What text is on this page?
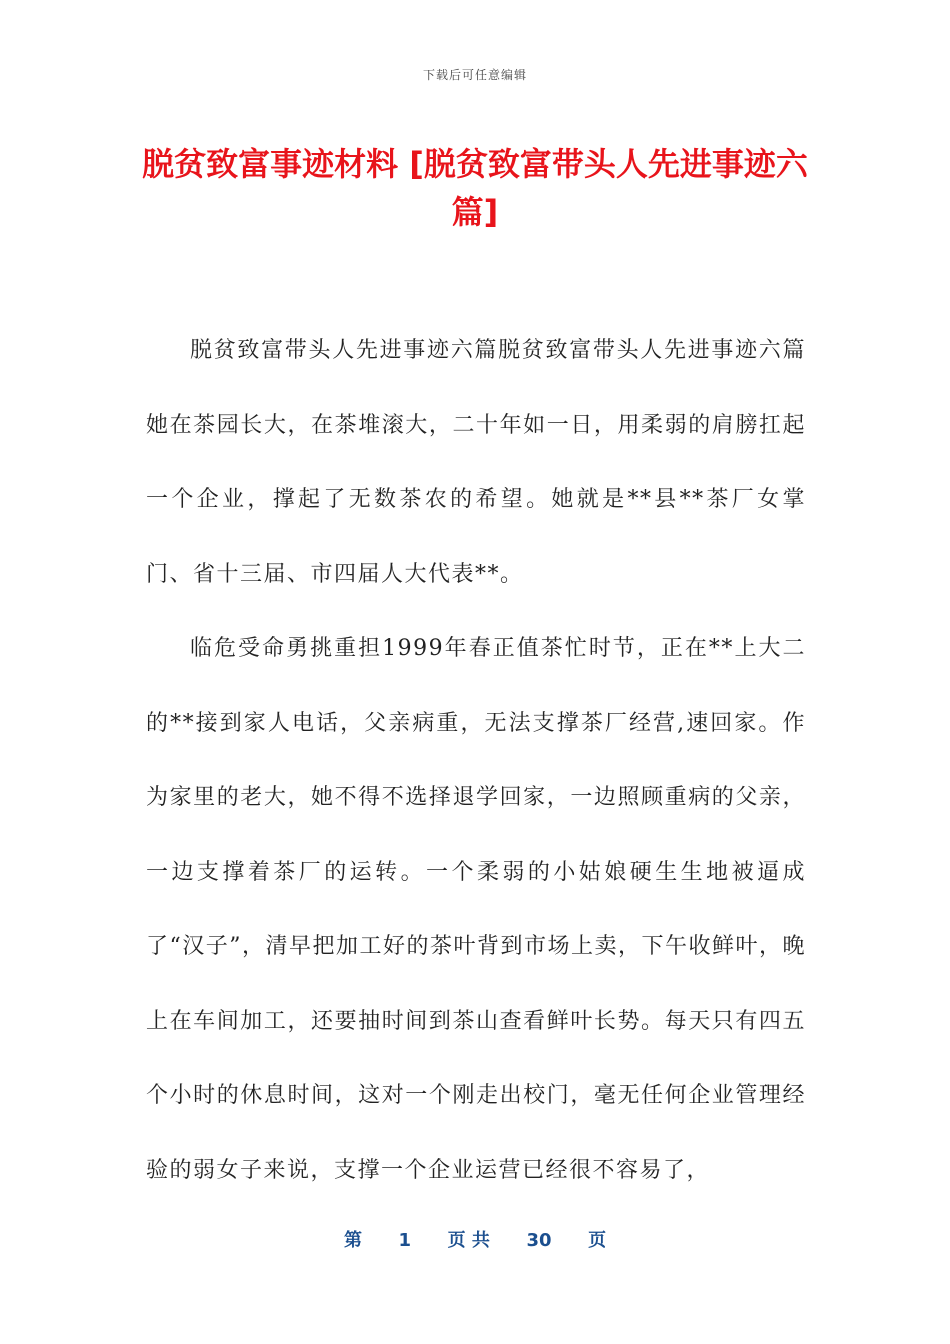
下载后可任意编辑
脱贫致富事迹材料 [脱贫致富带头人先进事迹六篇]

脱贫致富带头人先进事迹六篇脱贫致富带头人先进事迹六篇她在茶园长大，在茶堆滚大，二十年如一日，用柔弱的肩膀扛起一个企业，撑起了无数茶农的希望。她就是**县**茶厂女掌门、省十三届、市四届人大代表**。

临危受命勇挑重担1999年春正值茶忙时节，正在**上大二的**接到家人电话，父亲病重，无法支撑茶厂经营,速回家。作为家里的老大，她不得不选择退学回家，一边照顾重病的父亲，一边支撑着茶厂的运转。一个柔弱的小姑娘硬生生地被逼成了“汉子”，清早把加工好的茶叶背到市场上卖，下午收鲜叶，晚上在车间加工，还要抽时间到茶山查看鲜叶长势。每天只有四五个小时的休息时间，这对一个刚走出校门，毫无任何企业管理经验的弱女子来说，支撑一个企业运营已经很不容易了，

第 1 页 共 30 页
